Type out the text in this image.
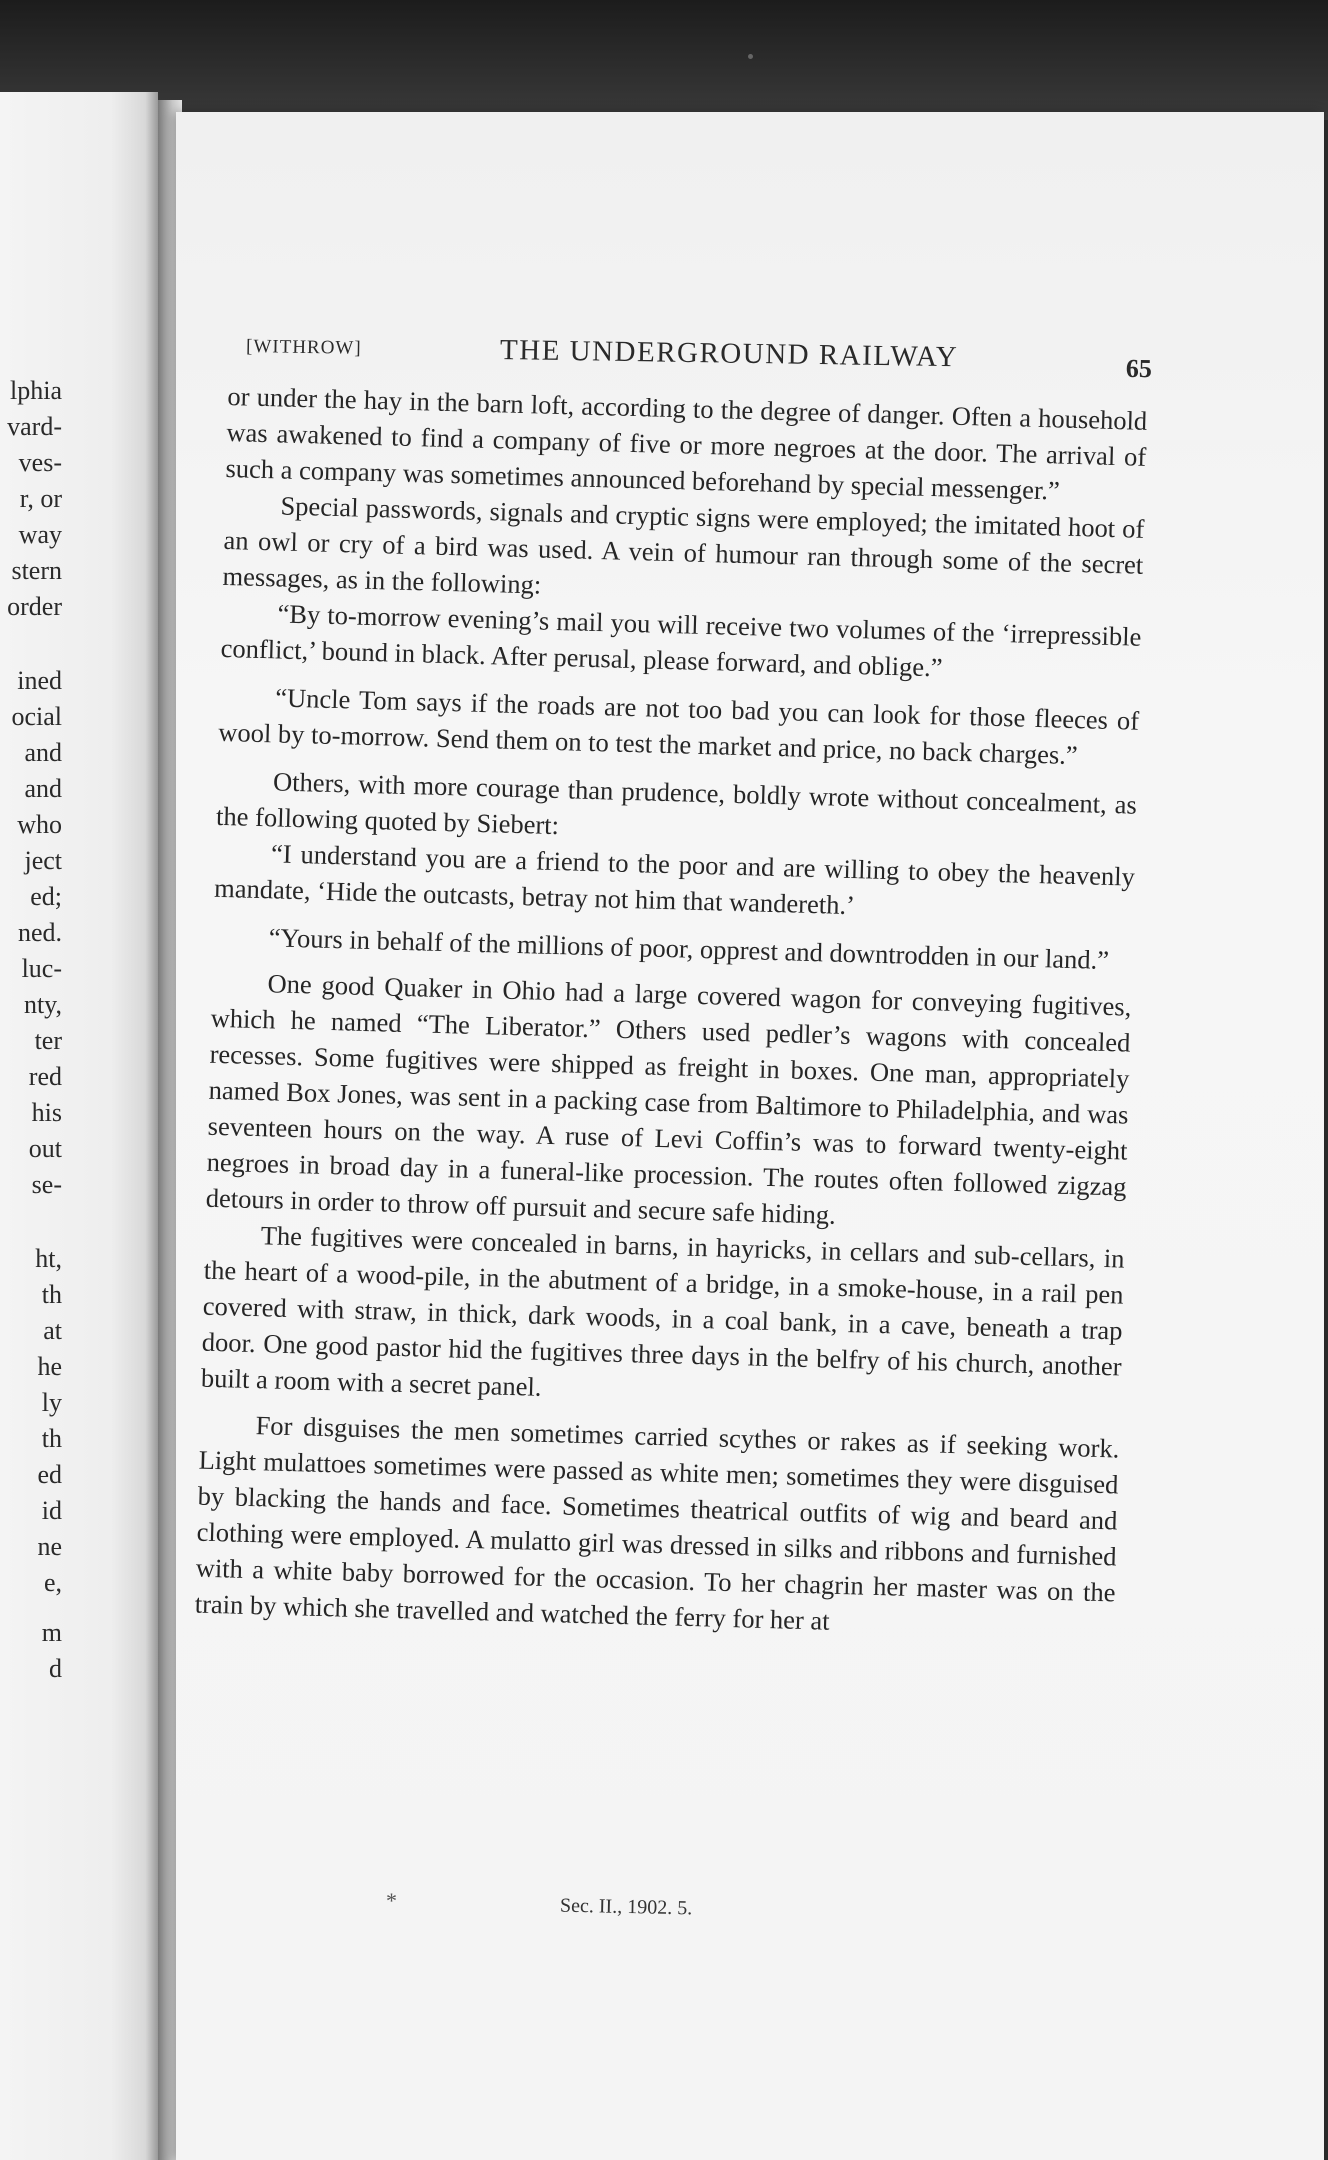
lphia
vard-
ves-
r, or
way
stern
order
ined
ocial
and
and
who
ject
ed;
ned.
luc-
nty,
ter
red
his
out
se-
ht,
th
at
he
ly
th
ed
id
ne
e,
m
d
[WITHROW]	THE UNDERGROUND RAILWAY	65

or under the hay in the barn loft, according to the degree of danger. Often a household was awakened to find a company of five or more negroes at the door. The arrival of such a company was sometimes announced beforehand by special messenger.”

Special passwords, signals and cryptic signs were employed; the imitated hoot of an owl or cry of a bird was used. A vein of humour ran through some of the secret messages, as in the following:

“By to-morrow evening’s mail you will receive two volumes of the ‘irrepressible conflict,’ bound in black. After perusal, please forward, and oblige.”

“Uncle Tom says if the roads are not too bad you can look for those fleeces of wool by to-morrow. Send them on to test the market and price, no back charges.”

Others, with more courage than prudence, boldly wrote without concealment, as the following quoted by Siebert:

“I understand you are a friend to the poor and are willing to obey the heavenly mandate, ‘Hide the outcasts, betray not him that wandereth.’

“Yours in behalf of the millions of poor, opprest and downtrodden in our land.”

One good Quaker in Ohio had a large covered wagon for conveying fugitives, which he named “The Liberator.” Others used pedler’s wagons with concealed recesses. Some fugitives were shipped as freight in boxes. One man, appropriately named Box Jones, was sent in a packing case from Baltimore to Philadelphia, and was seventeen hours on the way. A ruse of Levi Coffin’s was to forward twenty-eight negroes in broad day in a funeral-like procession. The routes often followed zigzag detours in order to throw off pursuit and secure safe hiding.

The fugitives were concealed in barns, in hayricks, in cellars and sub-cellars, in the heart of a wood-pile, in the abutment of a bridge, in a smoke-house, in a rail pen covered with straw, in thick, dark woods, in a coal bank, in a cave, beneath a trap door. One good pastor hid the fugitives three days in the belfry of his church, another built a room with a secret panel.

For disguises the men sometimes carried scythes or rakes as if seeking work. Light mulattoes sometimes were passed as white men; sometimes they were disguised by blacking the hands and face. Sometimes theatrical outfits of wig and beard and clothing were employed. A mulatto girl was dressed in silks and ribbons and furnished with a white baby borrowed for the occasion. To her chagrin her master was on the train by which she travelled and watched the ferry for her at

*	Sec. II., 1902. 5.
